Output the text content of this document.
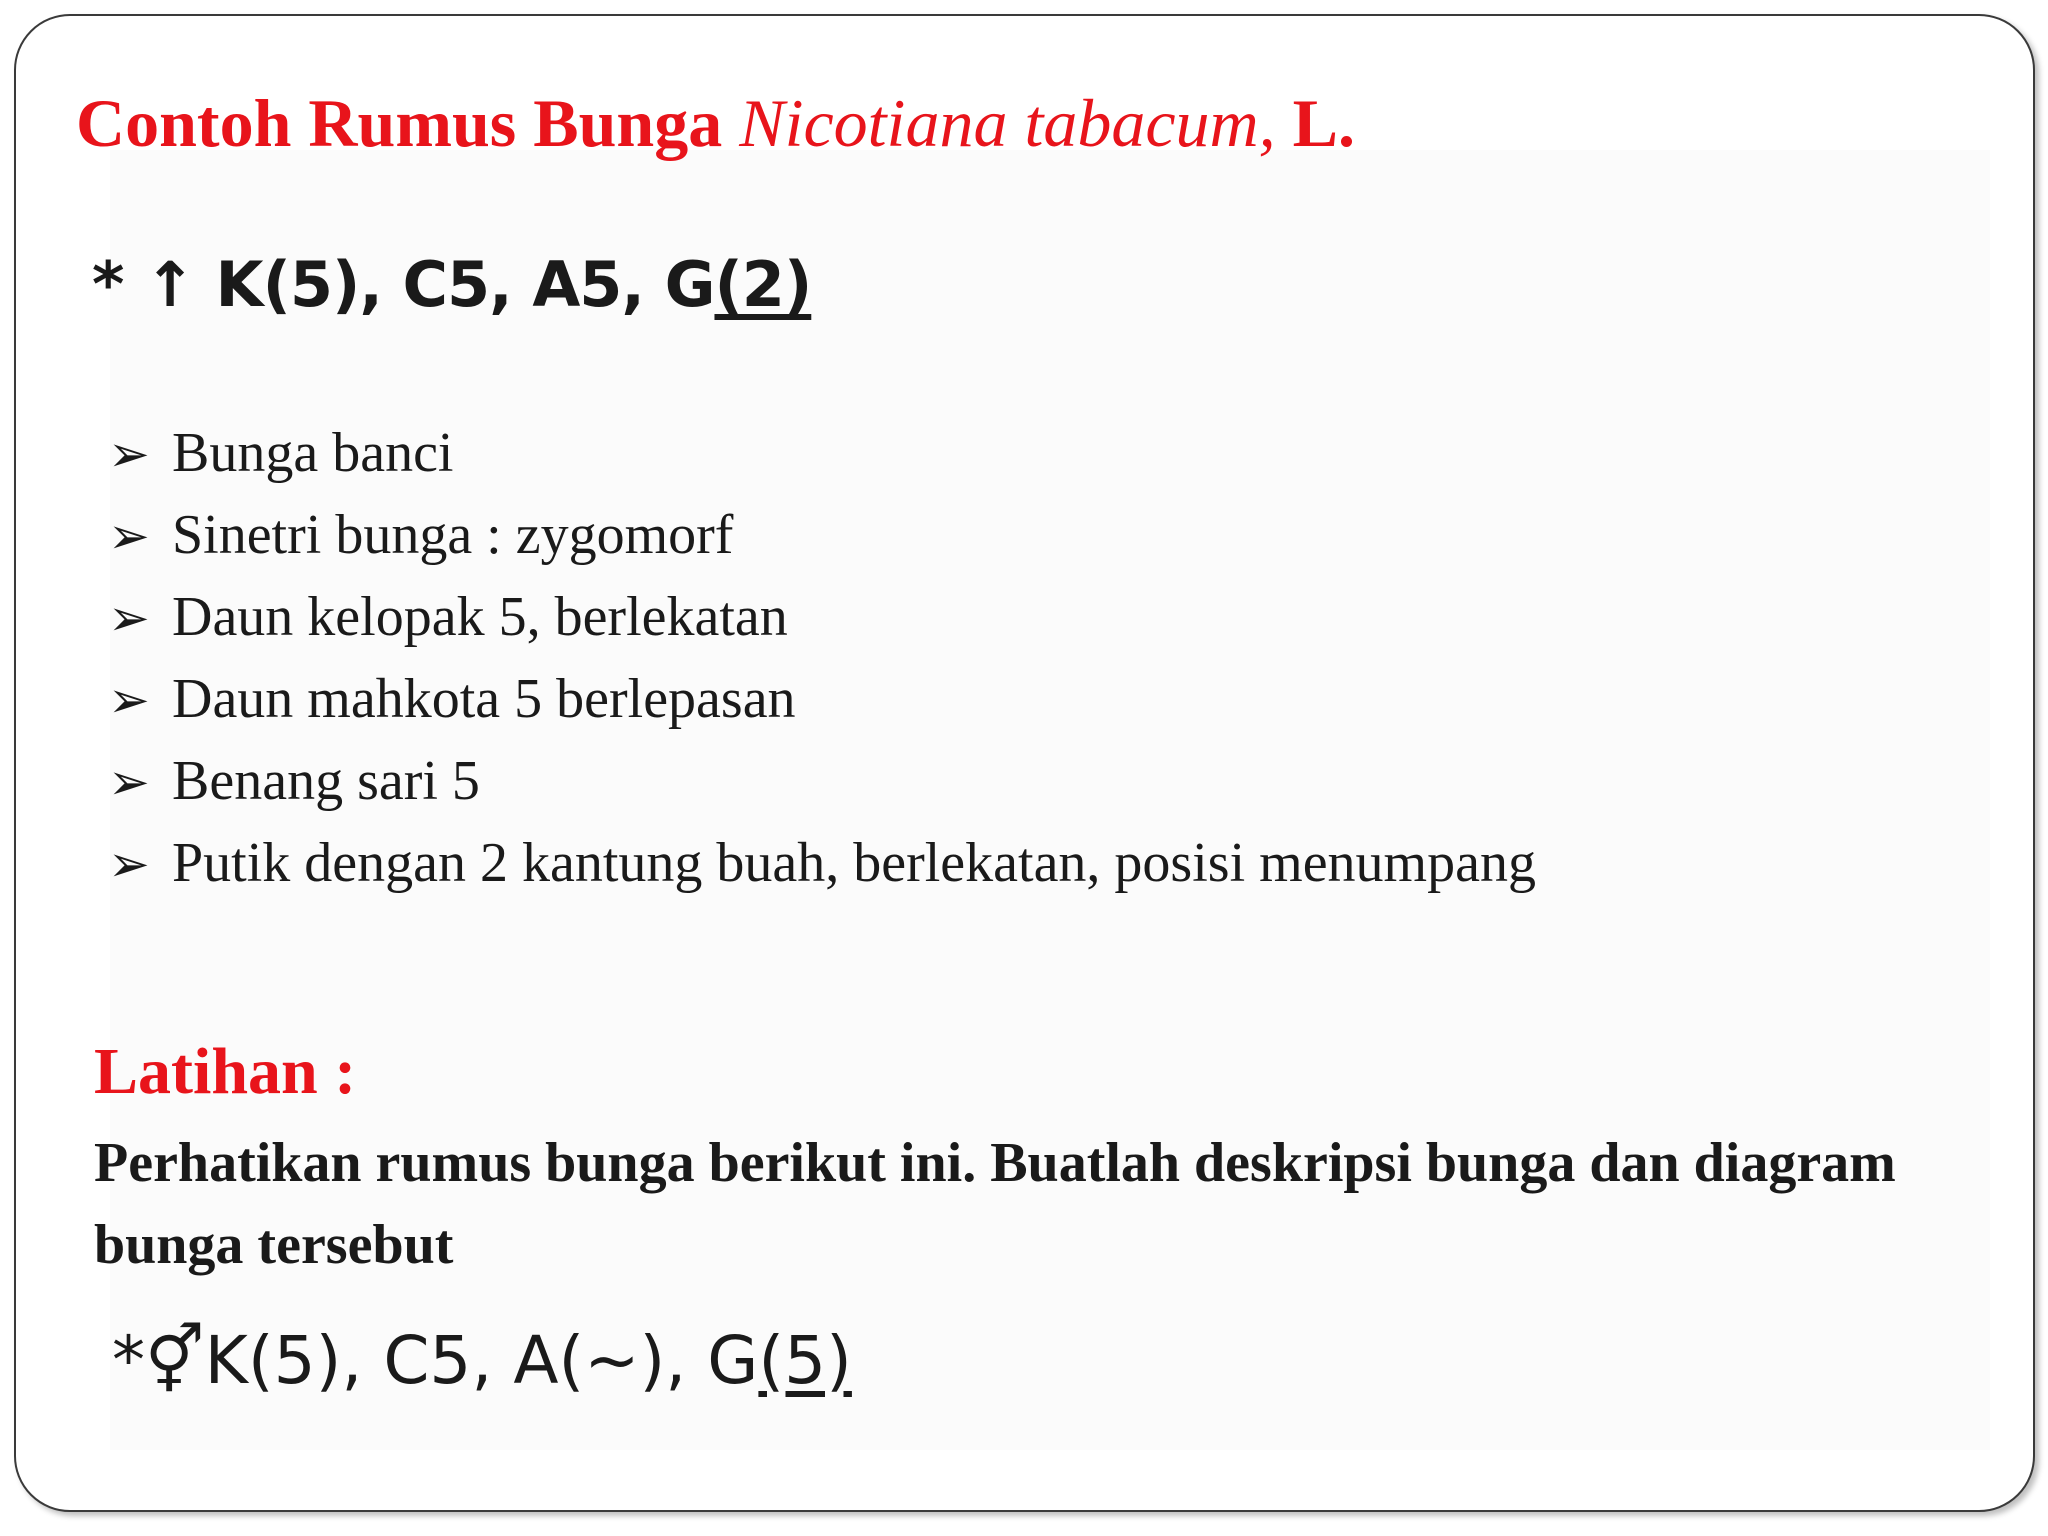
Contoh Rumus Bunga Nicotiana tabacum, L.
* ↑ K(5), C5, A5, G(2)
➢ Bunga banci
➢ Sinetri bunga : zygomorf
➢ Daun kelopak 5, berlekatan
➢ Daun mahkota 5 berlepasan
➢ Benang sari 5
➢ Putik dengan 2 kantung buah, berlekatan, posisi menumpang
Latihan :

Perhatikan rumus bunga berikut ini. Buatlah deskripsi bunga dan diagram bunga tersebut

*⚥K(5), C5, A(~), G(5)
